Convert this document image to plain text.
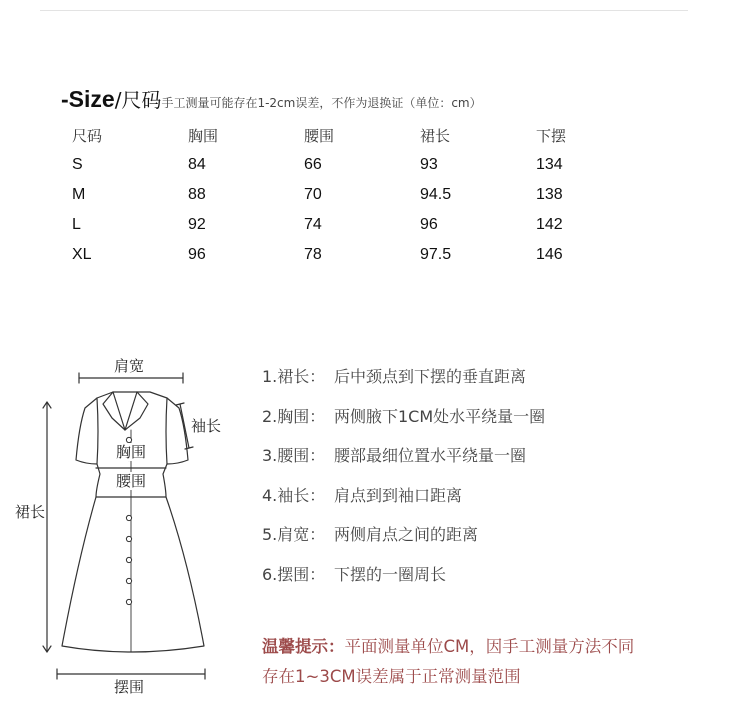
-Size/尺码手工测量可能存在1-2cm误差，不作为退换证（单位：cm）
尺码	胸围	腰围	裙长	下摆
S	84	66	93	134
M	88	70	94.5	138
L	92	74	96	142
XL	96	78	97.5	146
肩宽
袖长
胸围
腰围
裙长
摆围
1.裙长： 后中颈点到下摆的垂直距离
2.胸围： 两侧腋下1CM处水平绕量一圈
3.腰围： 腰部最细位置水平绕量一圈
4.袖长： 肩点到到袖口距离
5.肩宽： 两侧肩点之间的距离
6.摆围： 下摆的一圈周长
温馨提示：平面测量单位CM，因手工测量方法不同
存在1~3CM误差属于正常测量范围
